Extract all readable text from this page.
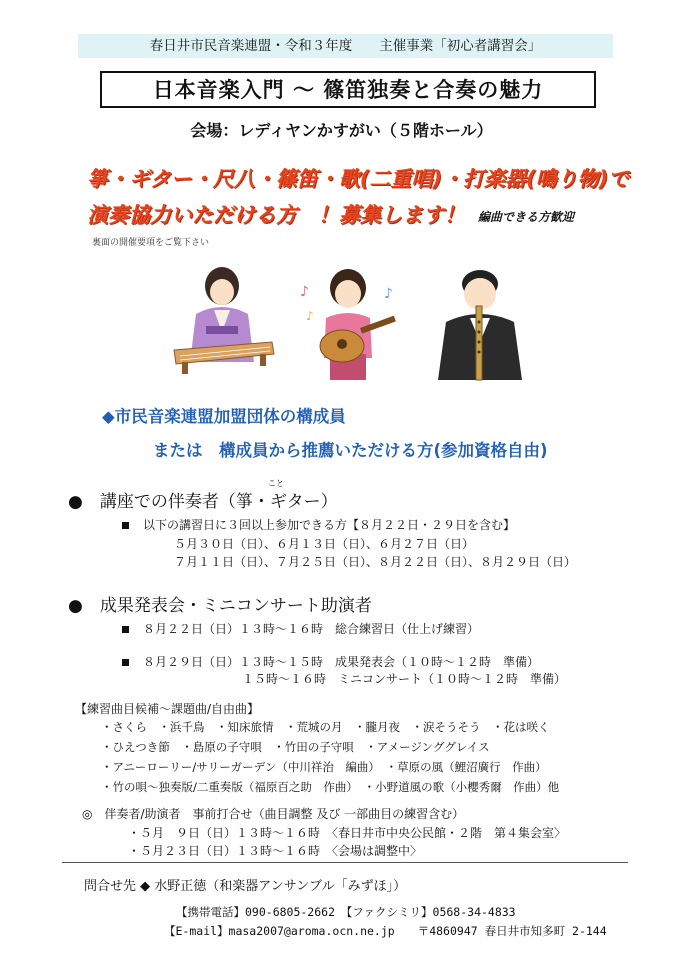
春日井市民音楽連盟・令和３年度　　主催事業「初心者講習会」
日本音楽入門 ～ 篠笛独奏と合奏の魅力
会場：レディヤンかすがい（５階ホール）
箏・ギター・尺八・篠笛・歌(二重唱)・打楽器(鳴り物)で
演奏協力いただける方　！募集します！ 編曲できる方歓迎
裏面の開催要項をご覧下さい
♪	♪
♪
◆市民音楽連盟加盟団体の構成員
または　構成員から推薦いただける方(参加資格自由)
こと
●　講座での伴奏者（箏・ギター）
以下の講習日に３回以上参加できる方【８月２２日・２９日を含む】
５月３０日（日）、６月１３日（日）、６月２７日（日）
７月１１日（日）、７月２５日（日）、８月２２日（日）、８月２９日（日）
●　成果発表会・ミニコンサート助演者
８月２２日（日）１３時～１６時　総合練習日（仕上げ練習）
８月２９日（日）１３時～１５時　成果発表会（１０時～１２時　準備）
１５時～１６時　ミニコンサート（１０時～１２時　準備）
【練習曲目候補～課題曲/自由曲】
・さくら　・浜千鳥　・知床旅情　・荒城の月　・朧月夜　・涙そうそう　・花は咲く
・ひえつき節　・島原の子守唄　・竹田の子守唄　・アメージンググレイス
・アニーローリー/サリーガーデン（中川祥治　編曲）　・草原の風（鯉沼廣行　作曲）
・竹の唄～独奏版/二重奏版（福原百之助　作曲）　・小野道風の歌（小櫻秀爾　作曲）他
◎　伴奏者/助演者　事前打合せ（曲目調整 及び 一部曲目の練習含む）
・５月　９日（日）１３時～１６時　〈春日井市中央公民館・２階　第４集会室〉
・５月２３日（日）１３時～１６時　〈会場は調整中〉
問合せ先 ◆ 水野正徳（和楽器アンサンブル「みずほ」）
【携帯電話】090-6805-2662　【ファクシミリ】0568-34-4833
【E-mail】masa2007@aroma.ocn.ne.jp　　〒4860947 春日井市知多町 2-144
